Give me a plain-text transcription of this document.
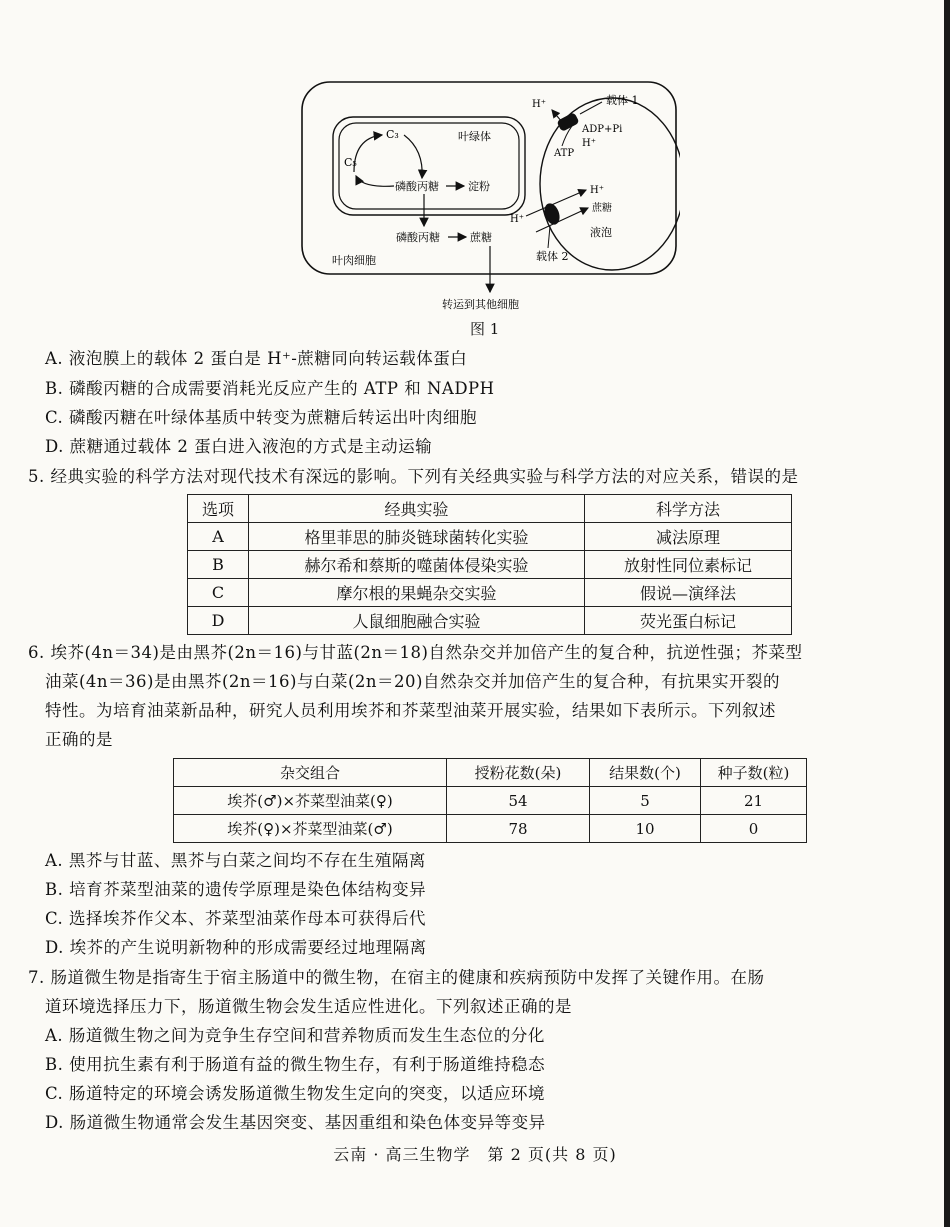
C₃
C₅
叶绿体
磷酸丙糖	淀粉
磷酸丙糖	蔗糖
叶肉细胞
H⁺	载体 1
ADP+Pi
H⁺
ATP
H⁺
H⁺
蔗糖
液泡
载体 2
转运到其他细胞
图 1
A. 液泡膜上的载体 2 蛋白是 H⁺-蔗糖同向转运载体蛋白
B. 磷酸丙糖的合成需要消耗光反应产生的 ATP 和 NADPH
C. 磷酸丙糖在叶绿体基质中转变为蔗糖后转运出叶肉细胞
D. 蔗糖通过载体 2 蛋白进入液泡的方式是主动运输
5. 经典实验的科学方法对现代技术有深远的影响。下列有关经典实验与科学方法的对应关系，错误的是
选项	经典实验	科学方法
A	格里菲思的肺炎链球菌转化实验	减法原理
B	赫尔希和蔡斯的噬菌体侵染实验	放射性同位素标记
C	摩尔根的果蝇杂交实验	假说—演绎法
D	人鼠细胞融合实验	荧光蛋白标记
6. 埃芥(4n＝34)是由黑芥(2n＝16)与甘蓝(2n＝18)自然杂交并加倍产生的复合种，抗逆性强；芥菜型
油菜(4n＝36)是由黑芥(2n＝16)与白菜(2n＝20)自然杂交并加倍产生的复合种，有抗果实开裂的
特性。为培育油菜新品种，研究人员利用埃芥和芥菜型油菜开展实验，结果如下表所示。下列叙述
正确的是
杂交组合	授粉花数(朵)	结果数(个)	种子数(粒)
埃芥(♂)×芥菜型油菜(♀)	54	5	21
埃芥(♀)×芥菜型油菜(♂)	78	10	0
A. 黑芥与甘蓝、黑芥与白菜之间均不存在生殖隔离
B. 培育芥菜型油菜的遗传学原理是染色体结构变异
C. 选择埃芥作父本、芥菜型油菜作母本可获得后代
D. 埃芥的产生说明新物种的形成需要经过地理隔离
7. 肠道微生物是指寄生于宿主肠道中的微生物，在宿主的健康和疾病预防中发挥了关键作用。在肠
道环境选择压力下，肠道微生物会发生适应性进化。下列叙述正确的是
A. 肠道微生物之间为竞争生存空间和营养物质而发生生态位的分化
B. 使用抗生素有利于肠道有益的微生物生存，有利于肠道维持稳态
C. 肠道特定的环境会诱发肠道微生物发生定向的突变，以适应环境
D. 肠道微生物通常会发生基因突变、基因重组和染色体变异等变异
云南 · 高三生物学　第 2 页(共 8 页)
